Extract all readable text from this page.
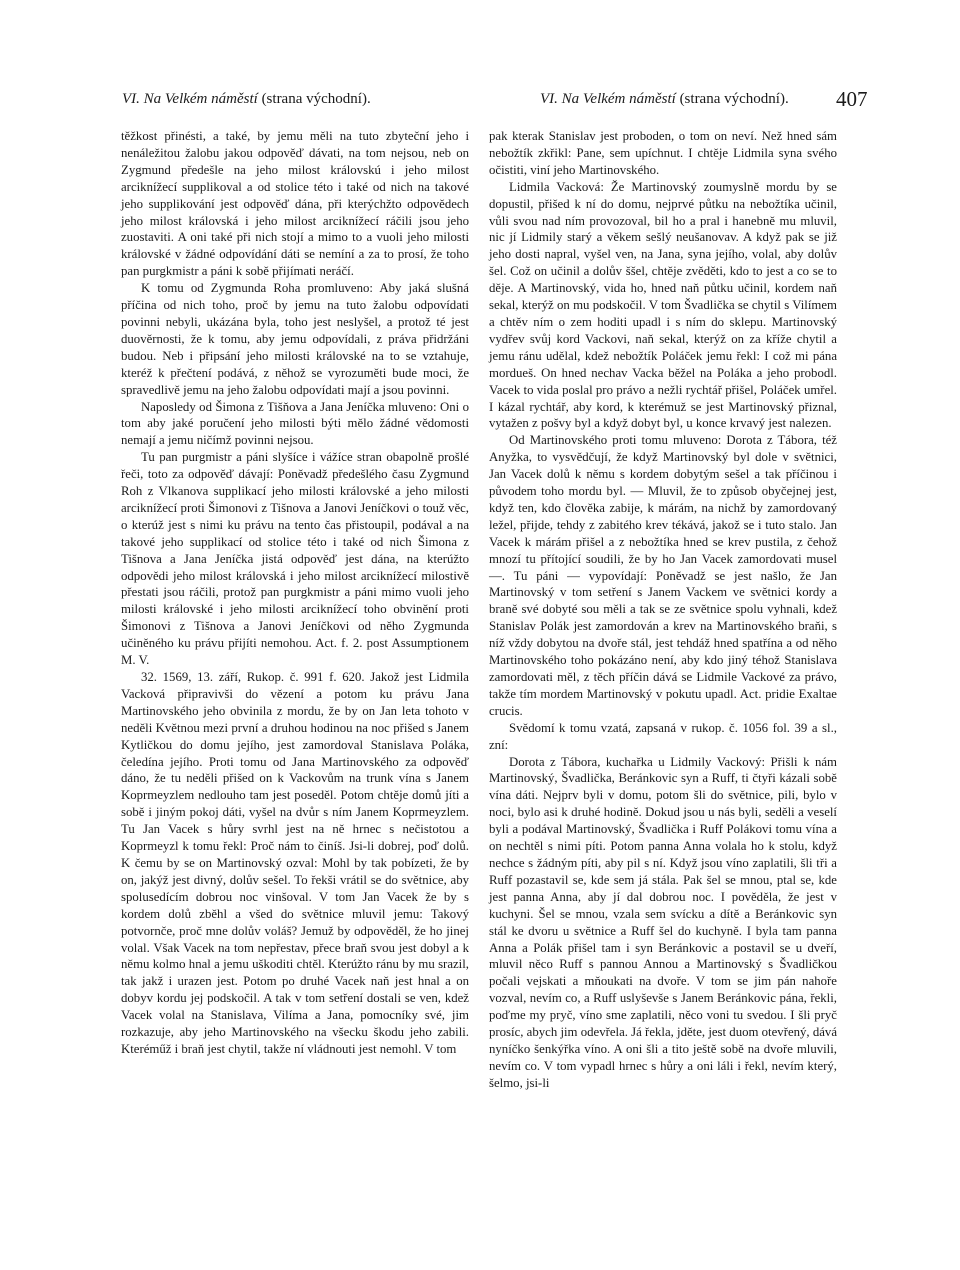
VI. Na Velkém náměstí (strana východní).	VI. Na Velkém náměstí (strana východní). 407

těžkost přinésti, a také, by jemu měli na tuto zbyteční jeho i nenáležitou žalobu jakou odpověď dávati, na tom nejsou, neb on Zygmund předešle na jeho milost královskú i jeho milost arciknížecí supplikoval a od stolice této i také od nich na takové jeho supplikování jest odpověď dána, při kterýchžto odpovědech jeho milost královská i jeho milost arciknížecí ráčili jsou jeho zuostaviti. A oni také při nich stojí a mimo to a vuoli jeho milosti královské v žádné odpovídání dáti se nemíní a za to prosí, že toho pan purgkmistr a páni k sobě přijímati neráčí.

K tomu od Zygmunda Roha promluveno: Aby jaká slušná příčina od nich toho, proč by jemu na tuto žalobu odpovídati povinni nebyli, ukázána byla, toho jest neslyšel, a protož té jest duověrnosti, že k tomu, aby jemu odpovídali, z práva přidržáni budou. Neb i připsání jeho milosti královské na to se vztahuje, kteréž k přečtení podává, z něhož se vyrozuměti bude moci, že spravedlivě jemu na jeho žalobu odpovídati mají a jsou povinni.

Naposledy od Šimona z Tišňova a Jana Jeníčka mluveno: Oni o tom aby jaké poručení jeho milosti býti mělo žádné vědomosti nemají a jemu ničímž povinni nejsou.

Tu pan purgmistr a páni slyšíce i vážíce stran obapolně prošlé řeči, toto za odpověď dávají: Poněvadž předešlého času Zygmund Roh z Vlkanova supplikací jeho milosti královské a jeho milosti arciknížecí proti Šimonovi z Tišnova a Janovi Jeníčkovi o touž věc, o kterúž jest s nimi ku právu na tento čas přistoupil, podával a na takové jeho supplikací od stolice této i také od nich Šimona z Tišnova a Jana Jeníčka jistá odpověď jest dána, na kterúžto odpovědi jeho milost královská i jeho milost arciknížecí milostivě přestati jsou ráčili, protož pan purgkmistr a páni mimo vuoli jeho milosti královské i jeho milosti arciknížecí toho obvinění proti Šimonovi z Tišnova a Janovi Jeníčkovi od něho Zygmunda učiněného ku právu přijíti nemohou. Act. f. 2. post Assumptionem M. V.

32. 1569, 13. září, Rukop. č. 991 f. 620. Jakož jest Lidmila Vacková připravivši do vězení a potom ku právu Jana Martinovského jeho obvinila z mordu, že by on Jan leta tohoto v neděli Květnou mezi první a druhou hodinou na noc přišed s Janem Kytličkou do domu jejího, jest zamordoval Stanislava Poláka, čeledína jejího. Proti tomu od Jana Martinovského za odpověď dáno, že tu neděli přišed on k Vackovům na trunk vína s Janem Koprmeyzlem nedlouho tam jest poseděl. Potom chtěje domů jíti a sobě i jiným pokoj dáti, vyšel na dvůr s ním Janem Koprmeyzlem. Tu Jan Vacek s hůry svrhl jest na ně hrnec s nečistotou a Koprmeyzl k tomu řekl: Proč nám to činíš. Jsi-li dobrej, poď dolů. K čemu by se on Martinovský ozval: Mohl by tak pobízeti, že by on, jakýž jest divný, dolův sešel. To řekši vrátil se do světnice, aby spolusedícím dobrou noc vinšoval. V tom Jan Vacek že by s kordem dolů zběhl a všed do světnice mluvil jemu: Takový potvornče, proč mne dolův voláš? Jemuž by odpověděl, že ho jinej volal. Však Vacek na tom nepřestav, přece braň svou jest dobyl a k němu kolmo hnal a jemu uškoditi chtěl. Kterúžto ránu by mu srazil, tak jakž i urazen jest. Potom po druhé Vacek naň jest hnal a on dobyv kordu jej podskočil. A tak v tom setření dostali se ven, kdež Vacek volal na Stanislava, Vilíma a Jana, pomocníky své, jim rozkazuje, aby jeho Martinovského na všecku škodu jeho zabili. Kteréműž i braň jest chytil, takže ní vládnouti jest nemohl. V tom

pak kterak Stanislav jest proboden, o tom on neví. Než hned sám nebožtík zkřikl: Pane, sem upíchnut. I chtěje Lidmila syna svého očistiti, viní jeho Martinovského.

Lidmila Vacková: Že Martinovský zoumyslně mordu by se dopustil, přišed k ní do domu, nejprvé půtku na nebožtíka učinil, vůli svou nad ním provozoval, bil ho a pral i hanebně mu mluvil, nic jí Lidmily starý a věkem sešlý neušanovav. A když pak se již jeho dosti napral, vyšel ven, na Jana, syna jejího, volal, aby dolův šel. Což on učinil a dolův ššel, chtěje zvěděti, kdo to jest a co se to děje. A Martinovský, vida ho, hned naň půtku učinil, kordem naň sekal, kterýž on mu podskočil. V tom Švadlička se chytil s Vilímem a chtěv ním o zem hoditi upadl i s ním do sklepu. Martinovský vydřev svůj kord Vackovi, naň sekal, kterýž on za kříže chytil a jemu ránu udělal, kdež nebožtík Poláček jemu řekl: I což mi pána mordueš. On hned nechav Vacka běžel na Poláka a jeho probodl. Vacek to vida poslal pro právo a nežli rychtář přišel, Poláček umřel. I kázal rychtář, aby kord, k kterémuž se jest Martinovský přiznal, vytažen z pošvy byl a když dobyt byl, u konce krvavý jest nalezen.

Od Martinovského proti tomu mluveno: Dorota z Tábora, též Anyžka, to vysvědčují, že když Martinovský byl dole v světnici, Jan Vacek dolů k němu s kordem dobytým sešel a tak příčinou i původem toho mordu byl. — Mluvil, že to způsob obyčejnej jest, když ten, kdo člověka zabije, k márám, na nichž by zamordovaný ležel, přijde, tehdy z zabitého krev tékává, jakož se i tuto stalo. Jan Vacek k márám přišel a z nebožtíka hned se krev pustila, z čehož mnozí tu přítojící soudili, že by ho Jan Vacek zamordovati musel —. Tu páni — vypovídají: Poněvadž se jest našlo, že Jan Martinovský v tom setření s Janem Vackem ve světnici kordy a braně své dobyté sou měli a tak se ze světnice spolu vyhnali, kdež Stanislav Polák jest zamordován a krev na Martinovského braňi, s níž vždy dobytou na dvoře stál, jest tehdáž hned spatřína a od něho Martinovského toho pokázáno není, aby kdo jiný téhož Stanislava zamordovati měl, z těch příčin dává se Lidmile Vackové za právo, takže tím mordem Martinovský v pokutu upadl. Act. pridie Exaltae crucis.

Svědomí k tomu vzatá, zapsaná v rukop. č. 1056 fol. 39 a sl., zní:

Dorota z Tábora, kuchařka u Lidmily Vackový: Přišli k nám Martinovský, Švadlička, Beránkovic syn a Ruff, ti čtyři kázali sobě vína dáti. Nejprv byli v domu, potom šli do světnice, pili, bylo v noci, bylo asi k druhé hodině. Dokud jsou u nás byli, seděli a veselí byli a podával Martinovský, Švadlička i Ruff Polákovi tomu vína a on nechtěl s nimi píti. Potom panna Anna volala ho k stolu, když nechce s žádným píti, aby pil s ní. Když jsou víno zaplatili, šli tři a Ruff pozastavil se, kde sem já stála. Pak šel se mnou, ptal se, kde jest panna Anna, aby jí dal dobrou noc. I pověděla, že jest v kuchyni. Šel se mnou, vzala sem svícku a dítě a Beránkovic syn stál ke dvoru u světnice a Ruff šel do kuchyně. I byla tam panna Anna a Polák přišel tam i syn Beránkovic a postavil se u dveří, mluvil něco Ruff s pannou Annou a Martinovský s Švadličkou počali vejskati a mňoukati na dvoře. V tom se jim pán nahoře vozval, nevím co, a Ruff uslyševše s Janem Beránkovic pána, řekli, poďme my pryč, víno sme zaplatili, něco voni tu svedou. I šli pryč prosíc, abych jim odevřela. Já řekla, jděte, jest duom otevřený, dává nyníčko šenkýřka víno. A oni šli a tito ještě sobě na dvoře mluvili, nevím co. V tom vypadl hrnec s hůry a oni láli i řekl, nevím který, šelmo, jsi-li
